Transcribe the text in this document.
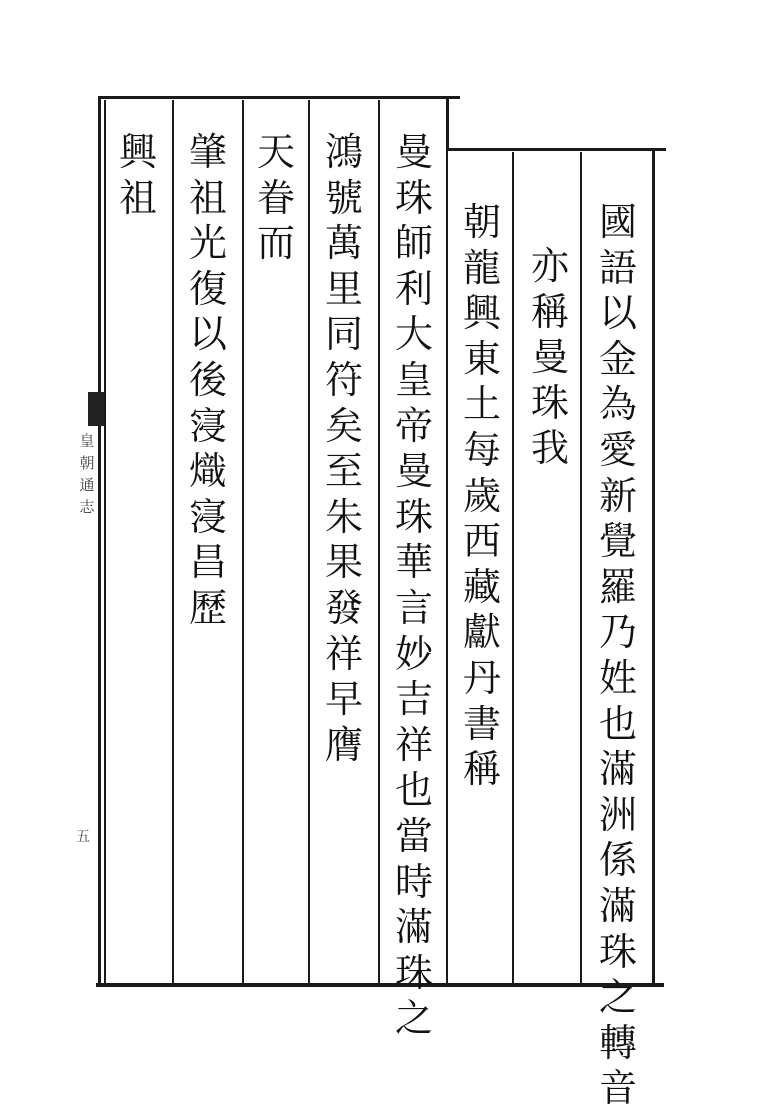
國
語
以
金
為
愛
新
覺
羅
乃
姓
也
滿
洲
係
滿
珠
之
轉
音
亦
稱
曼
珠
我
朝
龍
興
東
土
每
歲
西
藏
獻
丹
書
稱
曼
珠
師
利
大
皇
帝
曼
珠
華
言
妙
吉
祥
也
當
時
滿
珠
之
鴻
號
萬
里
同
符
矣
至
朱
果
發
祥
早
膺
天
眷
而
肇
祖
光
復
以
後
寖
熾
寖
昌
歷
興
祖
皇
朝
通
志
五
